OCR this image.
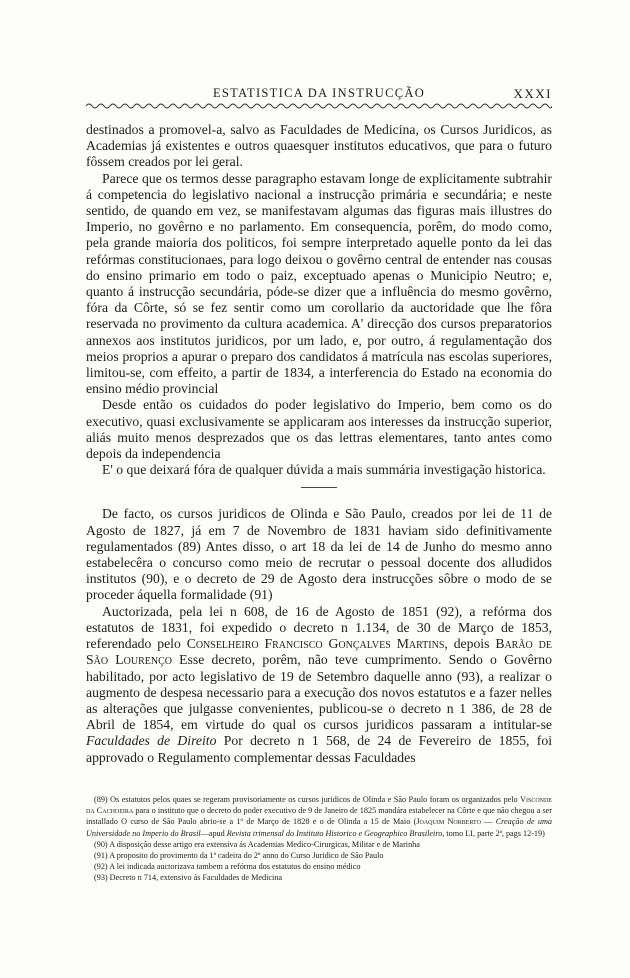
ESTATISTICA DA INSTRUCÇÃO	XXXI

destinados a promovel-a, salvo as Faculdades de Medicina, os Cursos Juridicos, as Academias já existentes e outros quaesquer institutos educativos, que para o futuro fôssem creados por lei geral.

Parece que os termos desse paragrapho estavam longe de explicitamente subtrahir á competencia do legislativo nacional a instrucção primária e secundária; e neste sentido, de quando em vez, se manifestavam algumas das figuras mais illustres do Imperio, no govêrno e no parlamento. Em consequencia, porêm, do modo como, pela grande maioria dos politicos, foi sempre interpretado aquelle ponto da lei das refórmas constitucionaes, para logo deixou o govêrno central de entender nas cousas do ensino primario em todo o paiz, exceptuado apenas o Municipio Neutro; e, quanto á instrucção secundária, póde-se dizer que a influência do mesmo govêrno, fóra da Côrte, só se fez sentir como um corollario da auctoridade que lhe fôra reservada no provimento da cultura academica. A' direcção dos cursos preparatorios annexos aos institutos juridicos, por um lado, e, por outro, á regulamentação dos meios proprios a apurar o preparo dos candidatos á matrícula nas escolas superiores, limitou-se, com effeito, a partir de 1834, a interferencia do Estado na economia do ensino médio provincial

Desde então os cuidados do poder legislativo do Imperio, bem como os do executivo, quasi exclusivamente se applicaram aos interesses da instrucção superior, aliás muito menos desprezados que os das lettras elementares, tanto antes como depois da independencia

E' o que deixará fóra de qualquer dúvida a mais summária investigação historica.

De facto, os cursos juridicos de Olinda e São Paulo, creados por lei de 11 de Agosto de 1827, já em 7 de Novembro de 1831 haviam sido definitivamente regulamentados (89) Antes disso, o art 18 da lei de 14 de Junho do mesmo anno estabelecêra o concurso como meio de recrutar o pessoal docente dos alludidos institutos (90), e o decreto de 29 de Agosto dera instrucções sôbre o modo de se proceder áquella formalidade (91)

Auctorizada, pela lei n 608, de 16 de Agosto de 1851 (92), a refórma dos estatutos de 1831, foi expedido o decreto n 1.134, de 30 de Março de 1853, referendado pelo Conselheiro Francisco Gonçalves Martins, depois Barão de São Lourenço Esse decreto, porêm, não teve cumprimento. Sendo o Govêrno habilitado, por acto legislativo de 19 de Setembro daquelle anno (93), a realizar o augmento de despesa necessario para a execução dos novos estatutos e a fazer nelles as alterações que julgasse convenientes, publicou-se o decreto n 1 386, de 28 de Abril de 1854, em virtude do qual os cursos juridicos passaram a intitular-se Faculdades de Direito Por decreto n 1 568, de 24 de Fevereiro de 1855, foi approvado o Regulamento complementar dessas Faculdades

(89) Os estatutos pelos quaes se regeram provisoriamente os cursos juridicos de Olinda e São Paulo foram os organizados pelo Visconde da Cachoeira para o instituto que o decreto do poder executivo de 9 de Janeiro de 1825 mandára estabelecer na Côrte e que não chegou a ser installado O curso de São Paulo abrio-se a 1º de Março de 1828 e o de Olinda a 15 de Maio (Joaquim Norberto — Creação de uma Universidade no Imperio do Brasil—apud Revista trimensal do Instituto Historico e Geographico Brasileiro, tomo LI, parte 2ª, pags 12-19)

(90) A disposição desse artigo era extensiva ás Academias Medico-Cirurgicas, Militar e de Marinha

(91) A proposito do provimento da 1ª cadeira do 2º anno do Curso Juridico de São Paulo

(92) A lei indicada auctorizava tambem a refórma dos estatutos do ensino médico

(93) Decreto n 714, extensivo ás Faculdades de Medicina
